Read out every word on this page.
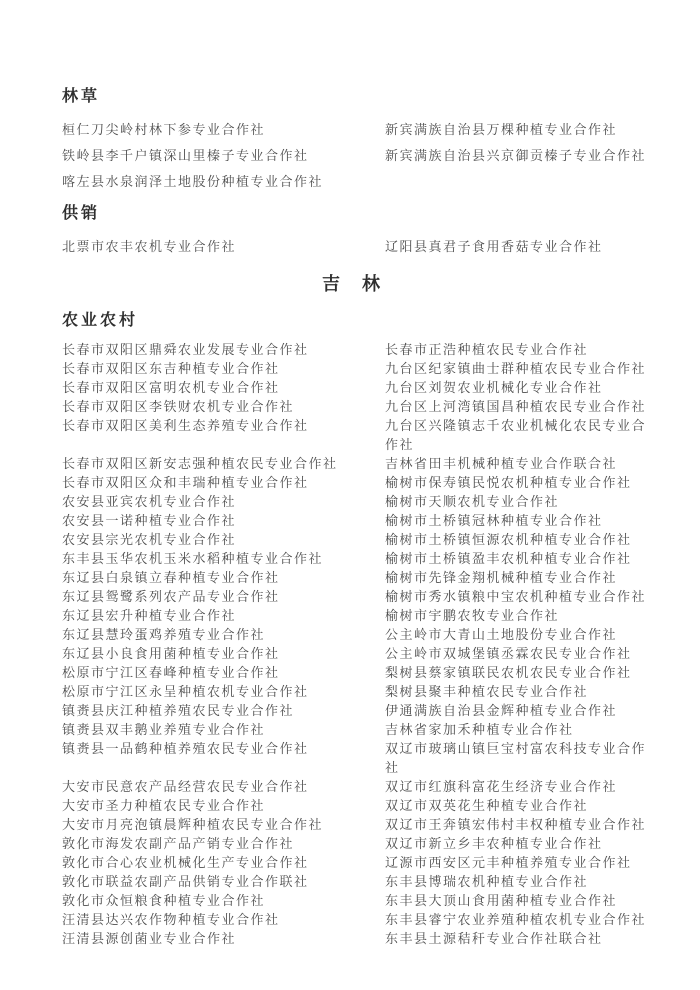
林草
桓仁刀尖岭村林下参专业合作社	新宾满族自治县万棵种植专业合作社
铁岭县李千户镇深山里榛子专业合作社	新宾满族自治县兴京御贡榛子专业合作社
喀左县水泉润泽土地股份种植专业合作社
供销
北票市农丰农机专业合作社	辽阳县真君子食用香菇专业合作社
吉　林
农业农村
长春市双阳区鼎舜农业发展专业合作社	长春市正浩种植农民专业合作社
长春市双阳区东吉种植专业合作社	九台区纪家镇曲士群种植农民专业合作社
长春市双阳区富明农机专业合作社	九台区刘贺农业机械化专业合作社
长春市双阳区李铁财农机专业合作社	九台区上河湾镇国昌种植农民专业合作社
长春市双阳区美利生态养殖专业合作社	九台区兴隆镇志千农业机械化农民专业合作社
长春市双阳区新安志强种植农民专业合作社	吉林省田丰机械种植专业合作联合社
长春市双阳区众和丰瑞种植专业合作社	榆树市保寿镇民悦农机种植专业合作社
农安县亚宾农机专业合作社	榆树市天顺农机专业合作社
农安县一诺种植专业合作社	榆树市土桥镇冠林种植专业合作社
农安县宗光农机专业合作社	榆树市土桥镇恒源农机种植专业合作社
东丰县玉华农机玉米水稻种植专业合作社	榆树市土桥镇盈丰农机种植专业合作社
东辽县白泉镇立春种植专业合作社	榆树市先锋金翔机械种植专业合作社
东辽县鸳鹭系列农产品专业合作社	榆树市秀水镇粮中宝农机种植专业合作社
东辽县宏升种植专业合作社	榆树市宇鹏农牧专业合作社
东辽县慧玲蛋鸡养殖专业合作社	公主岭市大青山土地股份专业合作社
东辽县小良食用菌种植专业合作社	公主岭市双城堡镇丞霖农民专业合作社
松原市宁江区春峰种植专业合作社	梨树县蔡家镇联民农机农民专业合作社
松原市宁江区永呈种植农机专业合作社	梨树县聚丰种植农民专业合作社
镇赉县庆江种植养殖农民专业合作社	伊通满族自治县金辉种植专业合作社
镇赉县双丰鹅业养殖专业合作社	吉林省家加禾种植专业合作社
镇赉县一品鹤种植养殖农民专业合作社	双辽市玻璃山镇巨宝村富农科技专业合作社
大安市民意农产品经营农民专业合作社	双辽市红旗科富花生经济专业合作社
大安市圣力种植农民专业合作社	双辽市双英花生种植专业合作社
大安市月亮泡镇晨辉种植农民专业合作社	双辽市王奔镇宏伟村丰权种植专业合作社
敦化市海发农副产品产销专业合作社	双辽市新立乡丰农种植专业合作社
敦化市合心农业机械化生产专业合作社	辽源市西安区元丰种植养殖专业合作社
敦化市联益农副产品供销专业合作联社	东丰县博瑞农机种植专业合作社
敦化市众恒粮食种植专业合作社	东丰县大顶山食用菌种植专业合作社
汪清县达兴农作物种植专业合作社	东丰县睿宁农业养殖种植农机专业合作社
汪清县源创菌业专业合作社	东丰县土源秸秆专业合作社联合社
